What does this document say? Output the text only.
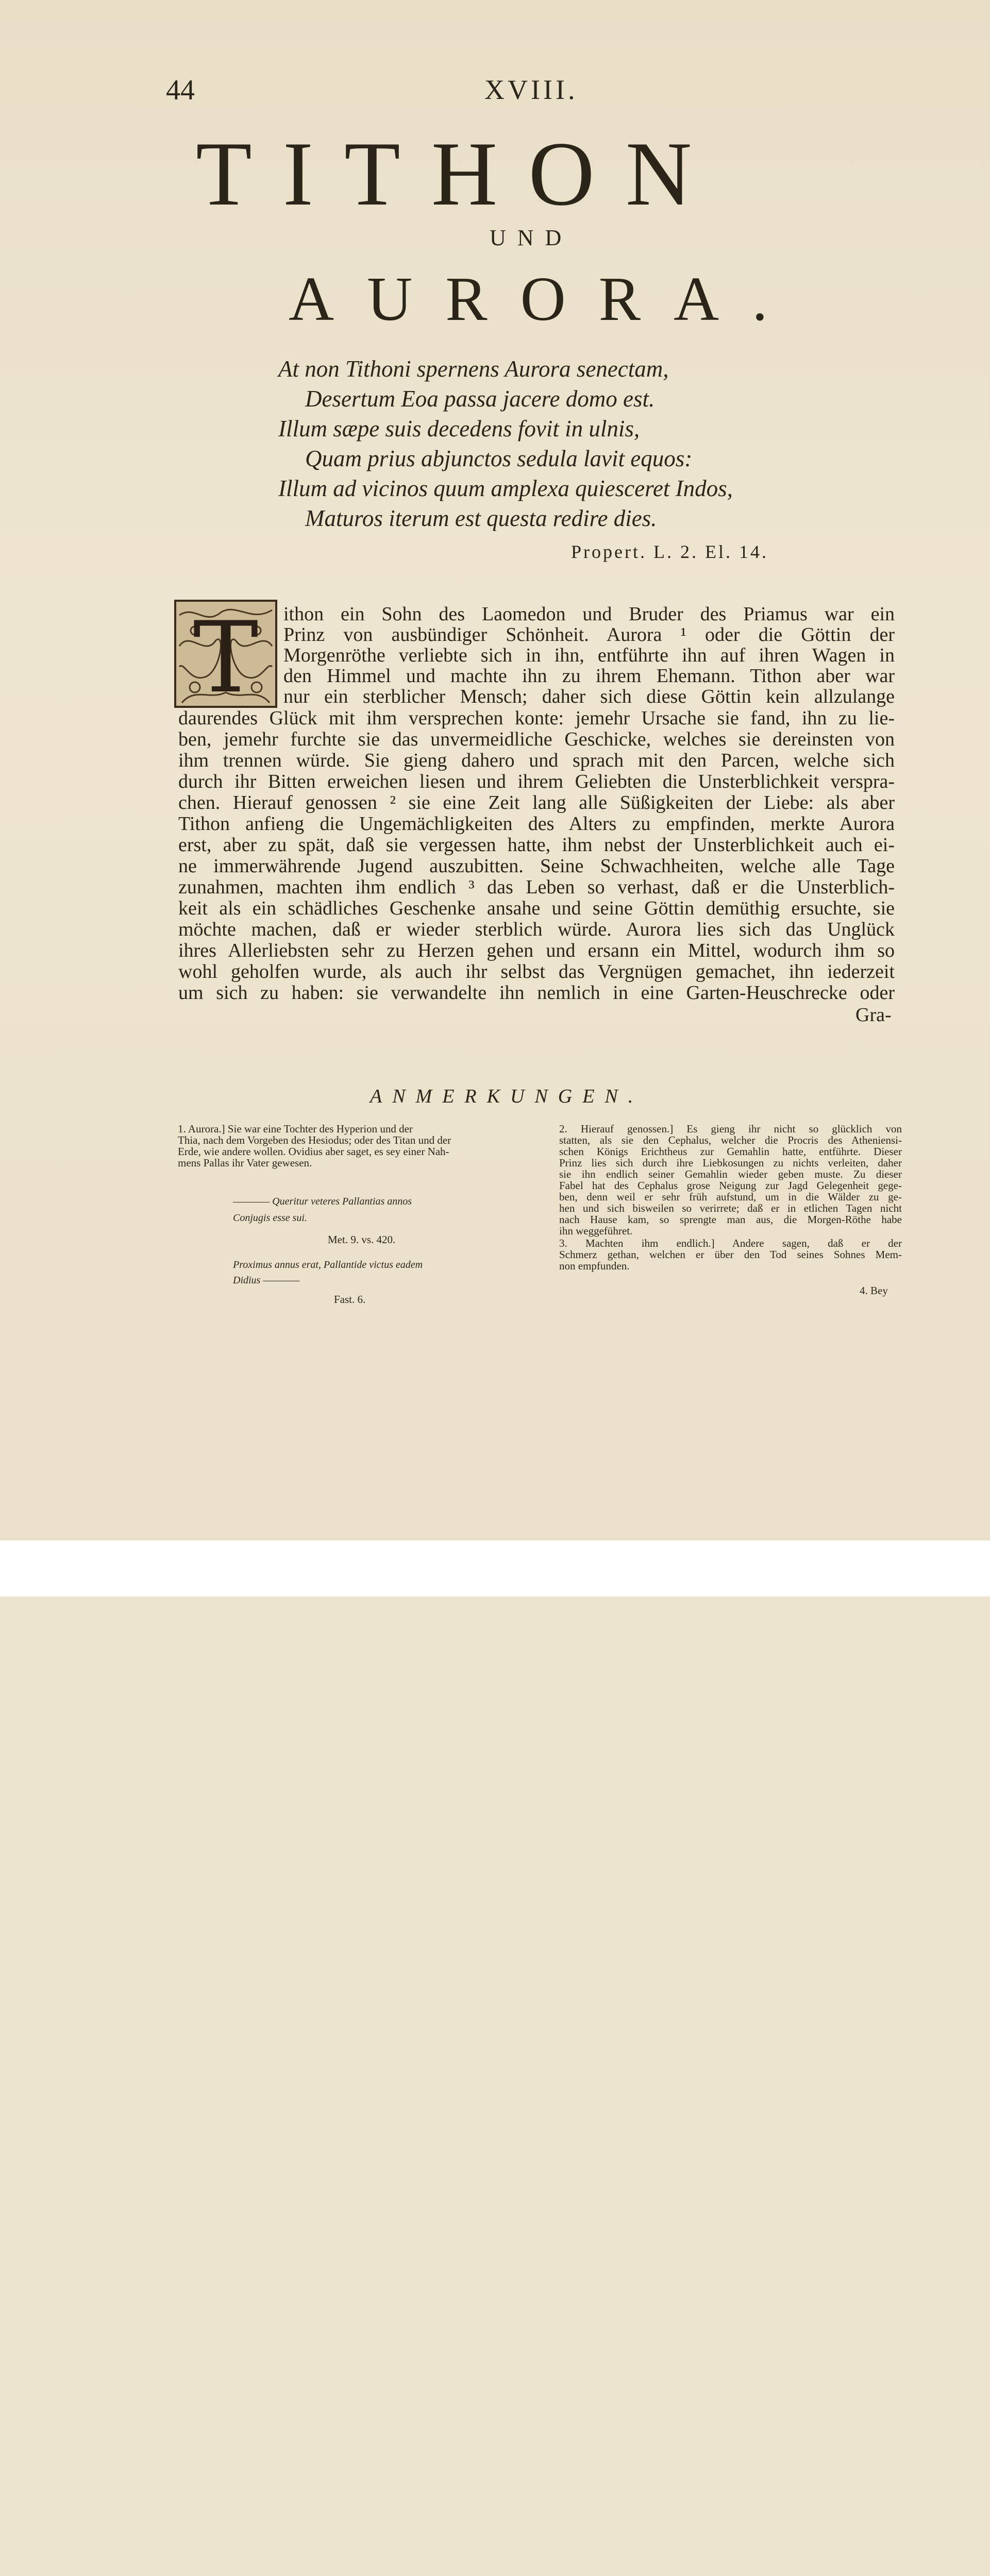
44	XVIII.
TITHON
UND
AURORA.
At non Tithoni spernens Aurora senectam,
Desertum Eoa passa jacere domo est.
Illum sæpe suis decedens fovit in ulnis,
Quam prius abjunctos sedula lavit equos:
Illum ad vicinos quum amplexa quiesceret Indos,
Maturos iterum est questa redire dies.
Propert. L. 2. El. 14.
T ithon ein Sohn des Laomedon und Bruder des Priamus war ein
Prinz von ausbündiger Schönheit. Aurora ¹ oder die Göttin der
Morgenröthe verliebte sich in ihn, entführte ihn auf ihren Wagen in
den Himmel und machte ihn zu ihrem Ehemann. Tithon aber war
nur ein sterblicher Mensch; daher sich diese Göttin kein allzulange
daurendes Glück mit ihm versprechen konte: jemehr Ursache sie fand, ihn zu lie-
ben, jemehr furchte sie das unvermeidliche Geschicke, welches sie dereinsten von
ihm trennen würde. Sie gieng dahero und sprach mit den Parcen, welche sich
durch ihr Bitten erweichen liesen und ihrem Geliebten die Unsterblichkeit verspra-
chen. Hierauf genossen ² sie eine Zeit lang alle Süßigkeiten der Liebe: als aber
Tithon anfieng die Ungemächligkeiten des Alters zu empfinden, merkte Aurora
erst, aber zu spät, daß sie vergessen hatte, ihm nebst der Unsterblichkeit auch ei-
ne immerwährende Jugend auszubitten. Seine Schwachheiten, welche alle Tage
zunahmen, machten ihm endlich ³ das Leben so verhast, daß er die Unsterblich-
keit als ein schädliches Geschenke ansahe und seine Göttin demüthig ersuchte, sie
möchte machen, daß er wieder sterblich würde. Aurora lies sich das Unglück
ihres Allerliebsten sehr zu Herzen gehen und ersann ein Mittel, wodurch ihm so
wohl geholfen wurde, als auch ihr selbst das Vergnügen gemachet, ihn iederzeit
um sich zu haben: sie verwandelte ihn nemlich in eine Garten-Heuschrecke oder
Gra-
ANMERKUNGEN.
1. Aurora.] Sie war eine Tochter des Hyperion und der
Thia, nach dem Vorgeben des Hesiodus; oder des Titan und der
Erde, wie andere wollen. Ovidius aber saget, es sey einer Nah-
mens Pallas ihr Vater gewesen.
———— Queritur veteres Pallantias annos
Conjugis esse sui.
Met. 9. vs. 420.
Proximus annus erat, Pallantide victus eadem
Didius ————
Fast. 6.
2. Hierauf genossen.] Es gieng ihr nicht so glücklich von
statten, als sie den Cephalus, welcher die Procris des Atheniensi-
schen Königs Erichtheus zur Gemahlin hatte, entführte. Dieser
Prinz lies sich durch ihre Liebkosungen zu nichts verleiten, daher
sie ihn endlich seiner Gemahlin wieder geben muste. Zu dieser
Fabel hat des Cephalus grose Neigung zur Jagd Gelegenheit gege-
ben, denn weil er sehr früh aufstund, um in die Wälder zu ge-
hen und sich bisweilen so verirrete; daß er in etlichen Tagen nicht
nach Hause kam, so sprengte man aus, die Morgen-Röthe habe
ihn weggeführet.
3. Machten ihm endlich.] Andere sagen, daß er der
Schmerz gethan, welchen er über den Tod seines Sohnes Mem-
non empfunden.
4. Bey
